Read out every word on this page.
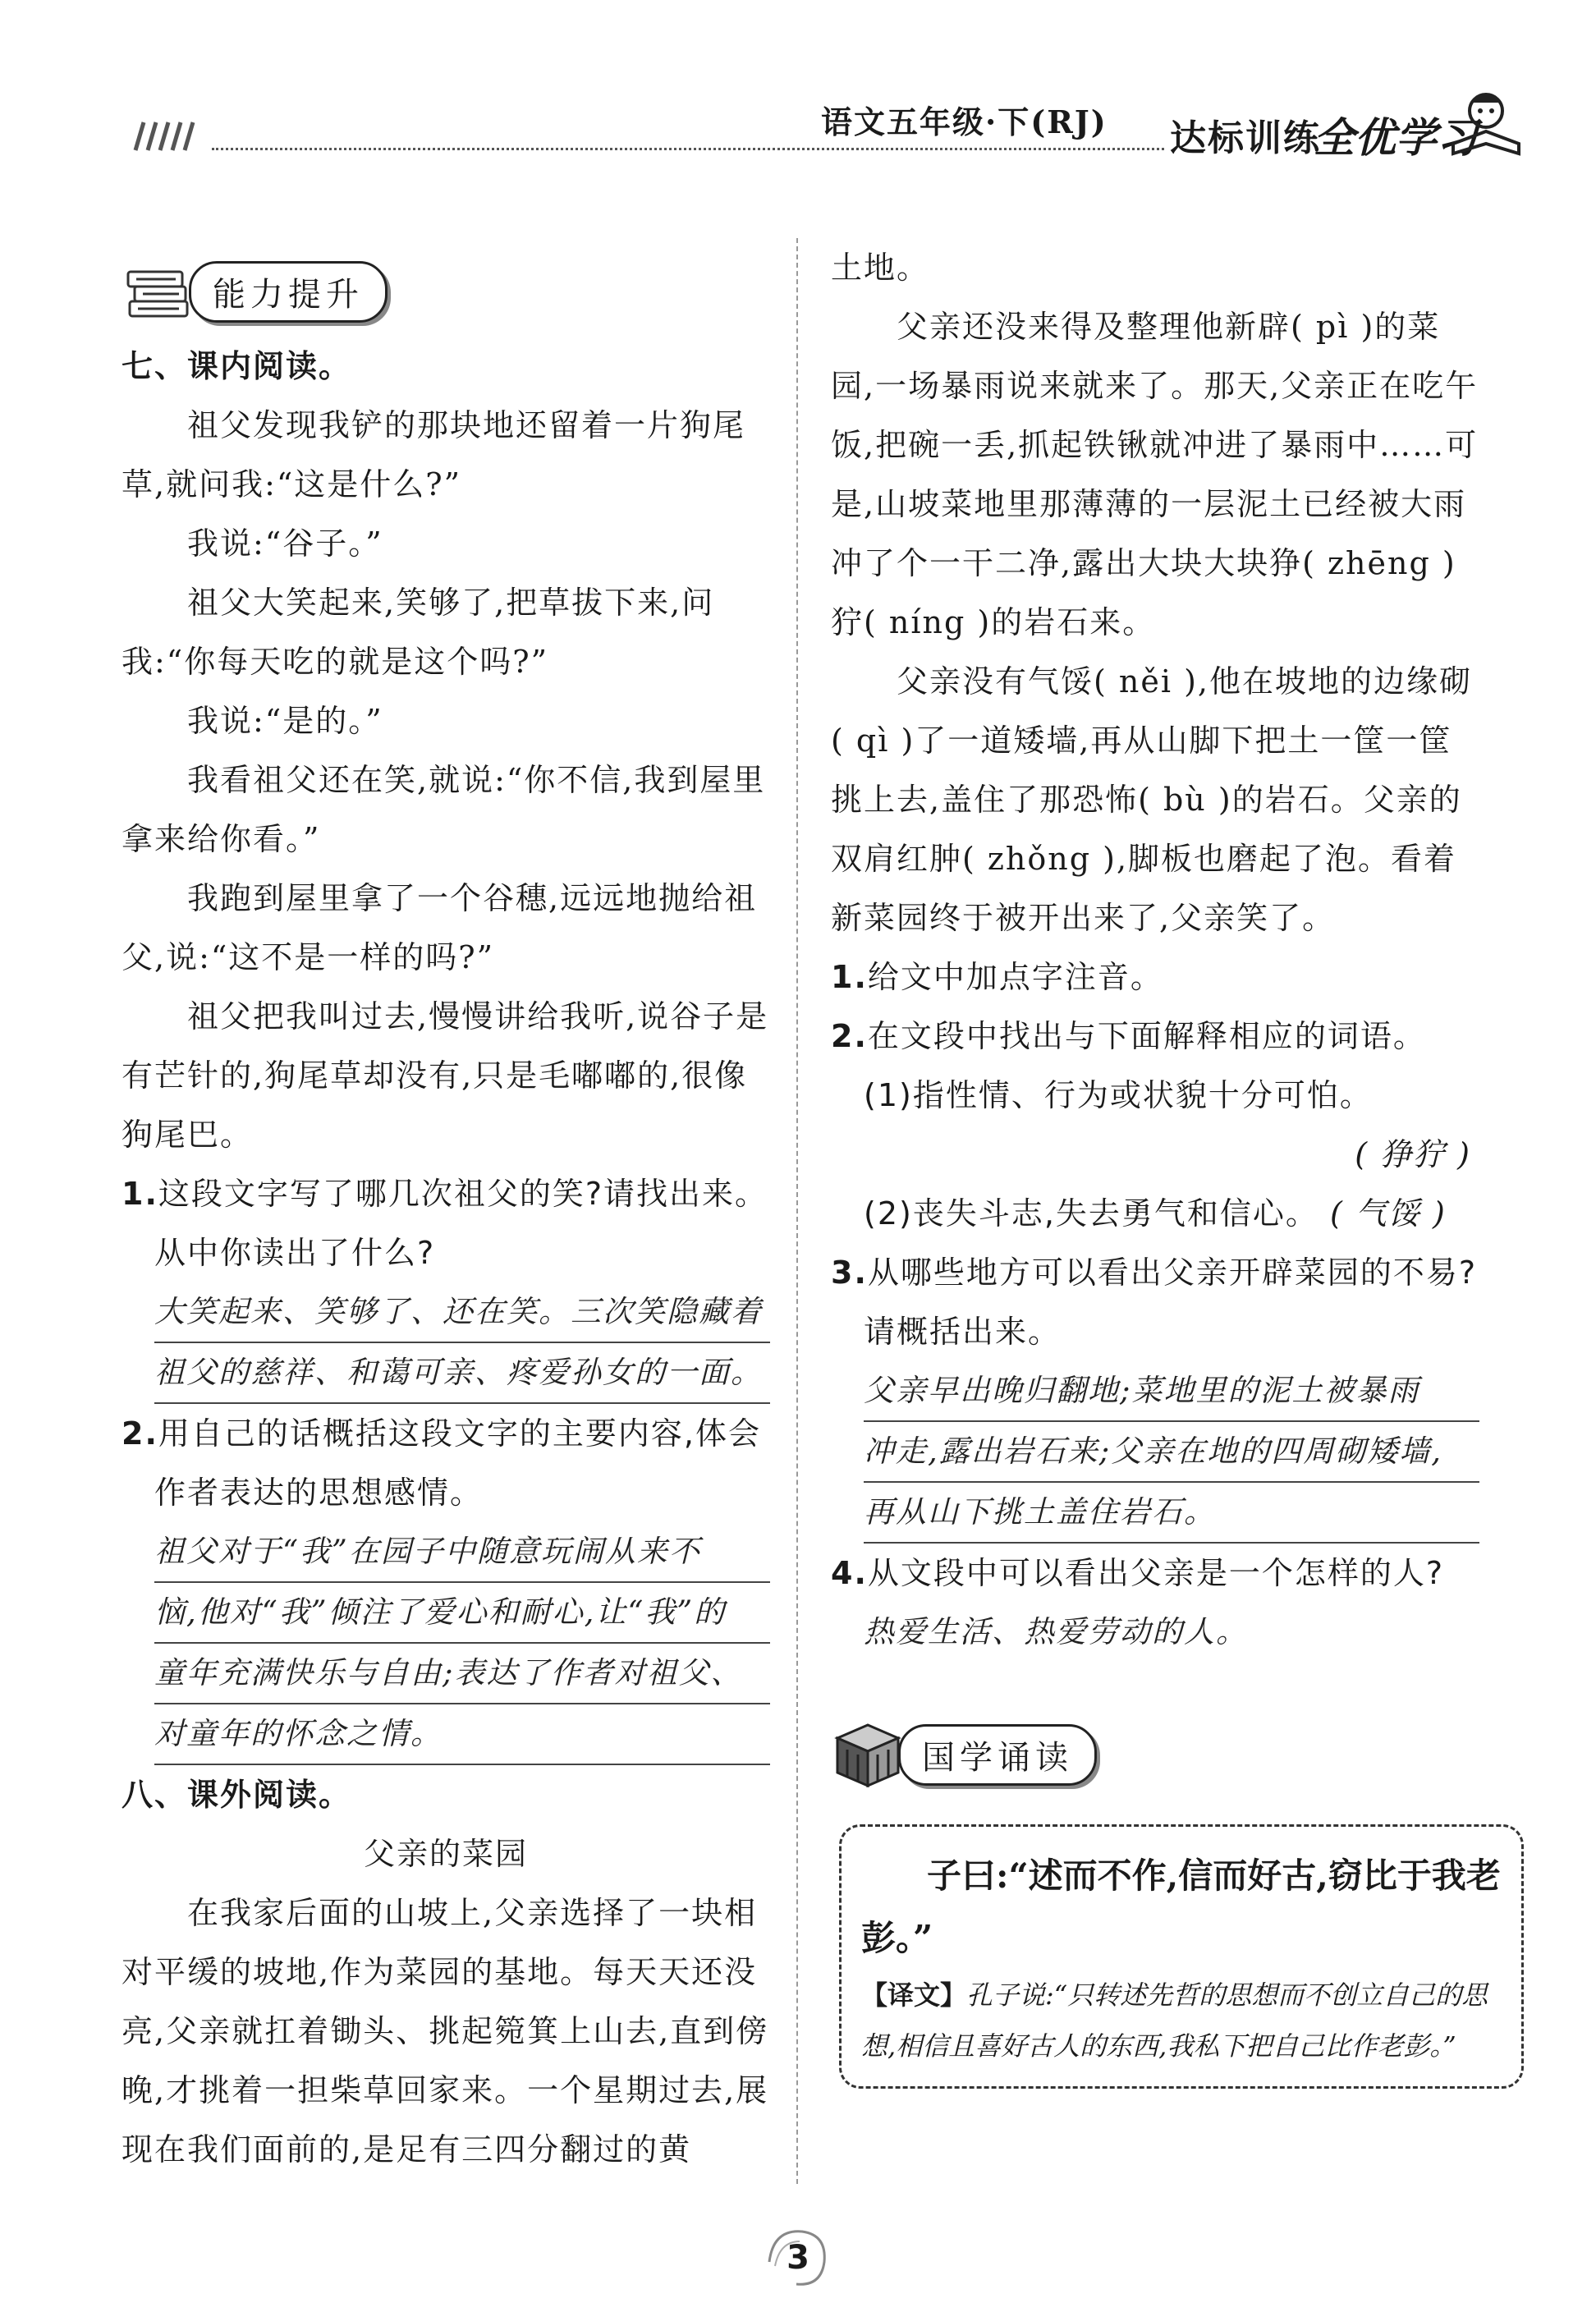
语文五年级·下(RJ) 达标训练
全优学习
能力提升

七、课内阅读。

祖父发现我铲的那块地还留着一片狗尾草,就问我:“这是什么?”

我说:“谷子。”

祖父大笑起来,笑够了,把草拔下来,问我:“你每天吃的就是这个吗?”

我说:“是的。”

我看祖父还在笑,就说:“你不信,我到屋里拿来给你看。”

我跑到屋里拿了一个谷穗,远远地抛给祖父,说:“这不是一样的吗?”

祖父把我叫过去,慢慢讲给我听,说谷子是有芒针的,狗尾草却没有,只是毛嘟嘟的,很像狗尾巴。

1.这段文字写了哪几次祖父的笑?请找出来。从中你读出了什么?

大笑起来、笑够了、还在笑。三次笑隐藏着
祖父的慈祥、和蔼可亲、疼爱孙女的一面。

2.用自己的话概括这段文字的主要内容,体会作者表达的思想感情。

祖父对于“我”在园子中随意玩闹从来不
恼,他对“我”倾注了爱心和耐心,让“我”的
童年充满快乐与自由;表达了作者对祖父、
对童年的怀念之情。

八、课外阅读。

父亲的菜园

在我家后面的山坡上,父亲选择了一块相对平缓的坡地,作为菜园的基地。每天天还没亮,父亲就扛着锄头、挑起箢箕上山去,直到傍晚,才挑着一担柴草回家来。一个星期过去,展现在我们面前的,是足有三四分翻过的黄

土地。

父亲还没来得及整理他新辟( pì )的菜园,一场暴雨说来就来了。那天,父亲正在吃午饭,把碗一丢,抓起铁锹就冲进了暴雨中……可是,山坡菜地里那薄薄的一层泥土已经被大雨冲了个一干二净,露出大块大块狰( zhēng )狞( níng )的岩石来。

父亲没有气馁( něi ),他在坡地的边缘砌( qì )了一道矮墙,再从山脚下把土一筐一筐挑上去,盖住了那恐怖( bù )的岩石。父亲的双肩红肿( zhǒng ),脚板也磨起了泡。看着新菜园终于被开出来了,父亲笑了。

1.给文中加点字注音。

2.在文段中找出与下面解释相应的词语。

(1)指性情、行为或状貌十分可怕。

( 狰狞 )

(2)丧失斗志,失去勇气和信心。 ( 气馁 )

3.从哪些地方可以看出父亲开辟菜园的不易?请概括出来。

父亲早出晚归翻地;菜地里的泥土被暴雨
冲走,露出岩石来;父亲在地的四周砌矮墙,
再从山下挑土盖住岩石。

4.从文段中可以看出父亲是一个怎样的人?

热爱生活、热爱劳动的人。
国学诵读

子曰:“述而不作,信而好古,窃比于我老彭。”

【译文】孔子说:“只转述先哲的思想而不创立自己的思想,相信且喜好古人的东西,我私下把自己比作老彭。”

3
